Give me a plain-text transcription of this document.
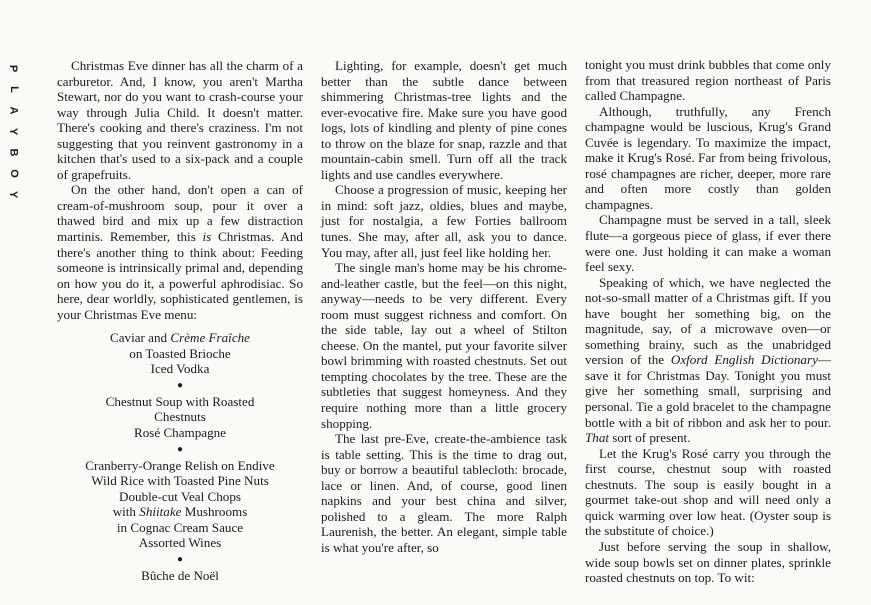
P
L
A
Y
B
O
Y

Christmas Eve dinner has all the charm of a carburetor. And, I know, you aren't Martha Stewart, nor do you want to crash-course your way through Julia Child. It doesn't matter. There's cooking and there's craziness. I'm not suggesting that you reinvent gastronomy in a kitchen that's used to a six-pack and a couple of grapefruits.

On the other hand, don't open a can of cream-of-mushroom soup, pour it over a thawed bird and mix up a few distraction martinis. Remember, this is Christmas. And there's another thing to think about: Feeding someone is intrinsically primal and, depending on how you do it, a powerful aphrodisiac. So here, dear worldly, sophisticated gentlemen, is your Christmas Eve menu:

Caviar and Crème Fraîche
on Toasted Brioche
Iced Vodka
●
Chestnut Soup with Roasted
Chestnuts
Rosé Champagne
●
Cranberry-Orange Relish on Endive
Wild Rice with Toasted Pine Nuts
Double-cut Veal Chops
with Shiitake Mushrooms
in Cognac Cream Sauce
Assorted Wines
●
Bûche de Noël

Lighting, for example, doesn't get much better than the subtle dance between shimmering Christmas-tree lights and the ever-evocative fire. Make sure you have good logs, lots of kindling and plenty of pine cones to throw on the blaze for snap, razzle and that mountain-cabin smell. Turn off all the track lights and use candles everywhere.

Choose a progression of music, keeping her in mind: soft jazz, oldies, blues and maybe, just for nostalgia, a few Forties ballroom tunes. She may, after all, ask you to dance. You may, after all, just feel like holding her.

The single man's home may be his chrome-and-leather castle, but the feel—on this night, anyway—needs to be very different. Every room must suggest richness and comfort. On the side table, lay out a wheel of Stilton cheese. On the mantel, put your favorite silver bowl brimming with roasted chestnuts. Set out tempting chocolates by the tree. These are the subtleties that suggest homeyness. And they require nothing more than a little grocery shopping.

The last pre-Eve, create-the-ambience task is table setting. This is the time to drag out, buy or borrow a beautiful tablecloth: brocade, lace or linen. And, of course, good linen napkins and your best china and silver, polished to a gleam. The more Ralph Laurenish, the better. An elegant, simple table is what you're after, so

tonight you must drink bubbles that come only from that treasured region northeast of Paris called Champagne.

Although, truthfully, any French champagne would be luscious, Krug's Grand Cuvée is legendary. To maximize the impact, make it Krug's Rosé. Far from being frivolous, rosé champagnes are richer, deeper, more rare and often more costly than golden champagnes.

Champagne must be served in a tall, sleek flute—a gorgeous piece of glass, if ever there were one. Just holding it can make a woman feel sexy.

Speaking of which, we have neglected the not-so-small matter of a Christmas gift. If you have bought her something big, on the magnitude, say, of a microwave oven—or something brainy, such as the unabridged version of the Oxford English Dictionary—save it for Christmas Day. Tonight you must give her something small, surprising and personal. Tie a gold bracelet to the champagne bottle with a bit of ribbon and ask her to pour. That sort of present.

Let the Krug's Rosé carry you through the first course, chestnut soup with roasted chestnuts. The soup is easily bought in a gourmet take-out shop and will need only a quick warming over low heat. (Oyster soup is the substitute of choice.)

Just before serving the soup in shallow, wide soup bowls set on dinner plates, sprinkle roasted chestnuts on top. To wit:
